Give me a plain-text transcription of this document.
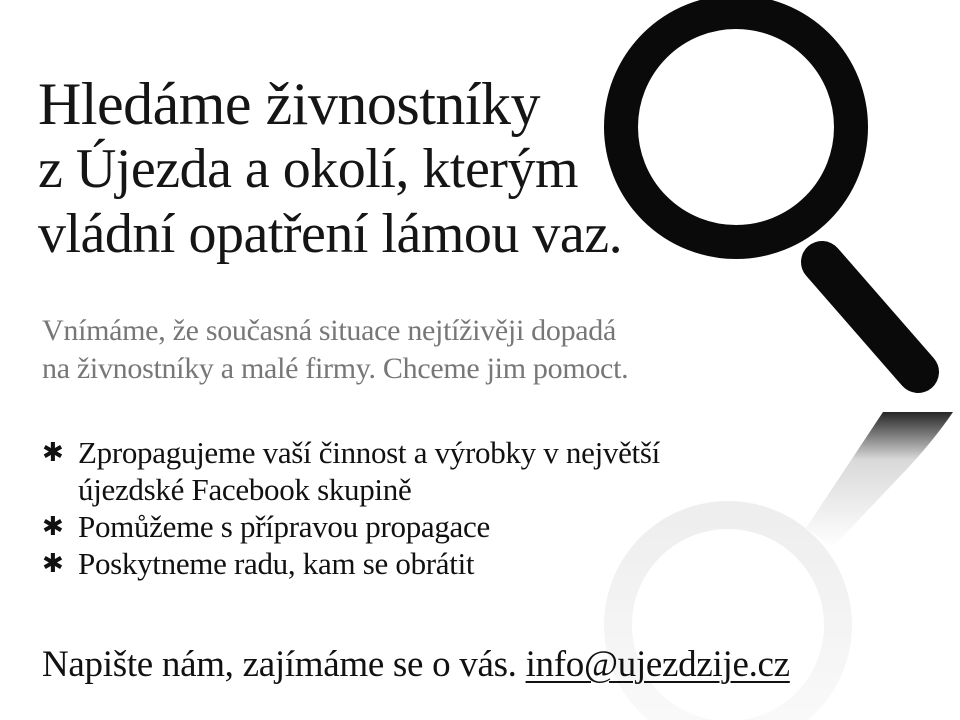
Hledáme živnostníky
z Újezda a okolí, kterým
vládní opatření lámou vaz.

Vnímáme, že současná situace nejtíživěji dopadá
na živnostníky a malé firmy. Chceme jim pomoct.

✱ Zpropagujeme vaší činnost a výrobky v největší
újezdské Facebook skupině
✱ Pomůžeme s přípravou propagace
✱ Poskytneme radu, kam se obrátit

Napište nám, zajímáme se o vás. info@ujezdzije.cz
